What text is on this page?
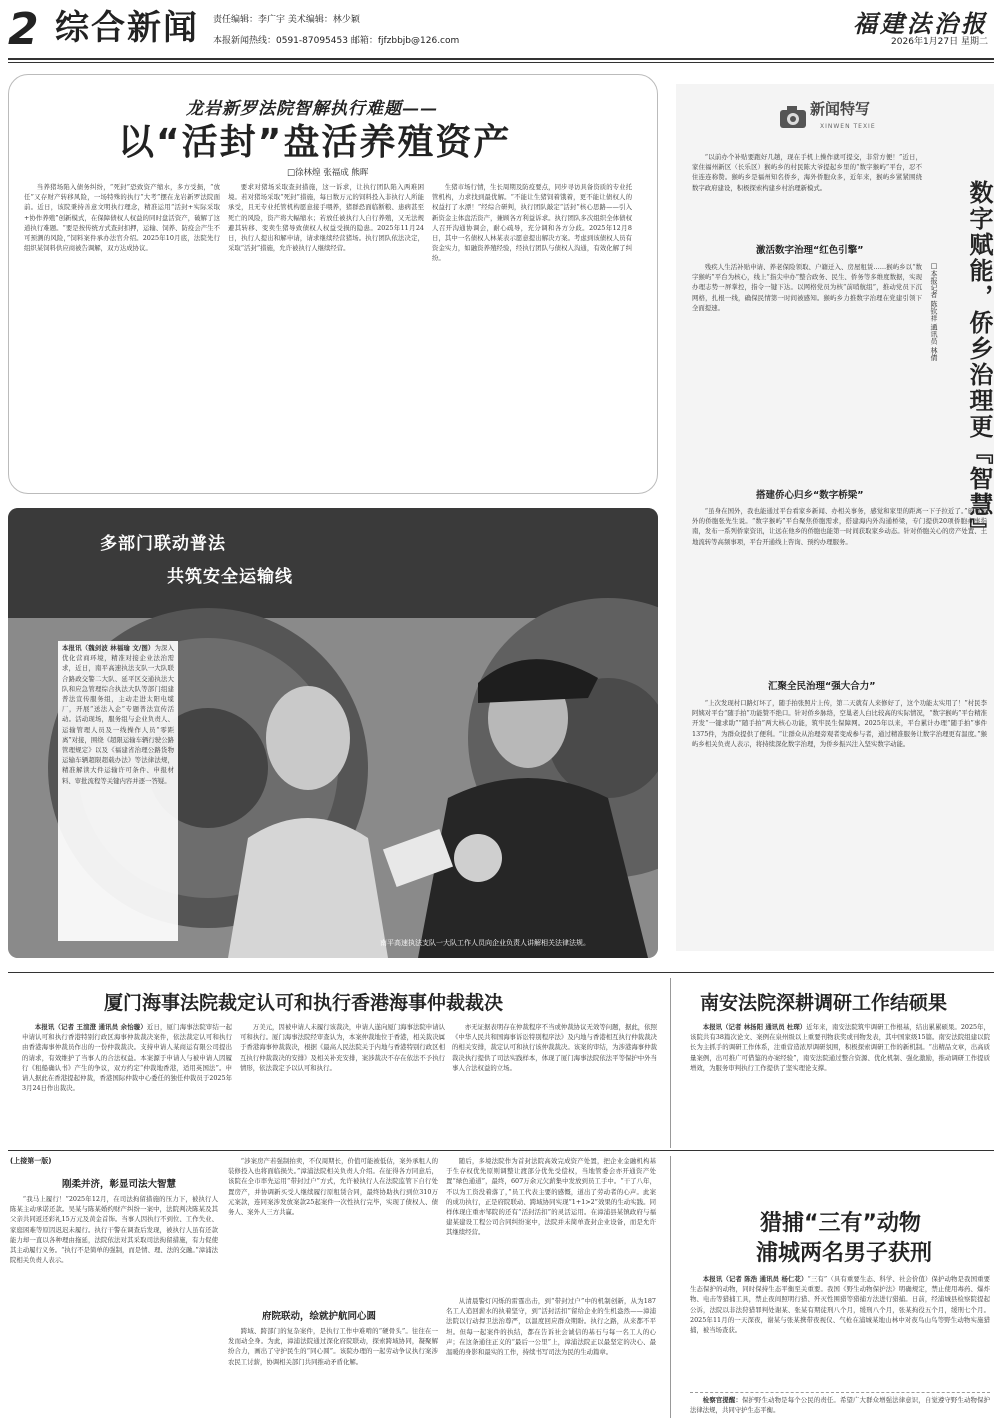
2 综合新闻 责任编辑：李广宇 美术编辑：林少颖
本报新闻热线：0591-87095453 邮箱：fjfzbbjb@126.com
福建法治报
2026年1月27日 星期二
龙岩新罗法院智解执行难题——
以“活封”盘活养殖资产
□徐林煌 张福成 熊晖

当养猪场陷入债务纠纷，“死封”恐致资产缩水，多方受损，“放任”又存财产转移风险，一场特殊的执行“大考”摆在龙岩新罗法院面前。近日，该院秉持善意文明执行理念，精准运用“活封+实际采取+协作养殖”创新模式，在保障债权人权益的同时盘活资产，破解了这道执行难题。“要是按传统方式查封扣押，运输、饲养、防疫会产生不可预测的风险，”饲料案件承办法官介绍。2025年10月底，法院先行组织某饲料供应商被告调解，双方达成协议。

要求对猪场采取查封措施，这一诉求，让执行团队陷入两难困境。若对猪场采取“死封”措施，每日数万元的饲料投入非执行人所能承受，且无专业托管机构愿意接手喂养，猪群恐面临断粮、患病甚至死亡的风险，资产将大幅缩水；若放任被执行人自行养殖，又无法规避其转移、变卖生猪导致债权人权益受损的隐患。2025年11月24日，执行人提出和解申请，请求继续经营猪场。执行团队依法决定，采取“活封”措施，允许被执行人继续经营。

生猪市场行情，生长周期及防疫要点，同步寻访具备资质的专业托管机构，力求找到最优解。“不能让生猪饲着饿着，更不能让债权人的权益打了水漂！”经综合研判，执行团队敲定“活封”核心思路——引入新资金主体盘活资产，兼顾各方利益诉求。执行团队多次组织全体债权人召开沟通协调会，耐心疏导，充分调和各方分歧。2025年12月8日，其中一名债权人林某表示愿意提出解决方案。考虑到该债权人员有资金实力，如融资养殖经验，经执行团队与债权人沟通，有效化解了纠纷。

多部门联动普法
共筑安全运输线
本报讯（魏剑波 林福瑜 文/图）为深入优化营商环境，精准对接企业法治需求，近日，南平高速执法支队一大队联合路政交警二大队、延平区交通执法大队和应急管理综合执法大队等部门组建普法宣传服务组，主动走进太阳电缆厂，开展“送法入企”专题普法宣传活动。活动现场，服务组与企业负责人、运输管理人员及一线操作人员“零距离”对接，围绕《超限运输车辆行驶公路管理规定》以及《福建省治理公路货物运输车辆超限超载办法》等法律法规，精准解读大件运输许可条件、申报材料、审批流程等关键内容并逐一答疑。
南平高速执法支队一大队工作人员向企业负责人讲解相关法律法规。
新闻特写
XINWEN TEXIE
数字赋能，侨乡治理更『智慧』
□本报记者 陈钦祥 通讯员 林倩

“以前办个补贴要跑好几趟，现在手机上操作就可提交，非常方便！”近日，家住福州新区（长乐区）猴屿乡的村民陈大爷提起乡里的“数字猴屿”平台，忍不住连连称赞。猴屿乡是福州知名侨乡，海外侨胞众多，近年来，猴屿乡紧紧围绕数字政府建设，积极探索构建乡村治理新模式。

激活数字治理“红色引擎”

残疾人生活补贴申请、养老保险领取、户籍迁入、房屋租赁……猴屿乡以“数字猴屿”平台为核心，线上“指尖申办”整合政务、民生、侨务等多维度数据，实现办理志势一屏掌控，指令一键下达。以网格党员为核“前哨航组”，推动党员下沉网格，扎根一线，确保民情第一时间被感知。猴屿乡力推数字治理在党建引领下全面提速。

搭建侨心归乡“数字桥梁”

“虽身在国外，我也能通过平台看家乡新闻、办相关事务，感觉和家里的距离一下子拉近了。”旅居南外的侨胞张先生说。“数字猴屿”平台聚焦侨胞需求，搭建海内外沟通桥梁，专门提供20项侨胞办事指南，发布一系列侨家资讯，让远在他乡的侨胞也能第一时间获取家乡动态。针对侨胞关心的房产处置、土地流转等高频事项，平台开通线上咨询、预约办理服务。

汇聚全民治理“强大合力”

“上次发现村口路灯坏了，随手拍张照片上传，第二天就有人来修好了，这个功能太实用了！”村民李阿姨对平台“随手拍”功能赞不绝口。针对侨乡脉络，空巢老人白比较高的实际情况，“数字猴屿”平台精准开发“一键求助”“随手拍”两大核心功能，筑牢民生保障网。2025年以来，平台累计办理“随手拍”事件1375件，为群众提供了便利。“让群众从治理旁观者变成参与者，通过精准服务让数字治理更有温度。”猴屿乡相关负责人表示，将持续深化数字治理，为侨乡振兴注入坚实数字动能。

厦门海事法院裁定认可和执行香港海事仲裁裁决

本报讯（记者 王渲澄 通讯员 余怡璇）近日，厦门海事法院审结一起申请认可和执行香港特别行政区海事仲裁裁决案件，依法裁定认可和执行由香港海事仲裁员作出的一份仲裁裁决。支持申请人某商运有限公司提出的请求，有效维护了当事人的合法权益。本案源于申请人与被申请人因履行《租船确认书》产生的争议，双方约定“仲裁地香港，适用英国法”。申请人据此在香港提起仲裁，香港国际仲裁中心委任的独任仲裁员于2025年3月24日作出裁决。

万美元，因被申请人未履行该裁决，申请人遂向厦门海事法院申请认可和执行。厦门海事法院经审查认为，本案仲裁地位于香港，相关裁决属于香港海事仲裁裁决，根据《最高人民法院关于内地与香港特别行政区相互执行仲裁裁决的安排》及相关补充安排，案涉裁决不存在依法不予执行情形，依法裁定予以认可和执行。

亦无证据表明存在仲裁程序不当或仲裁协议无效等问题，据此，依照《中华人民共和国海事诉讼特别程序法》及内地与香港相互执行仲裁裁决的相关安排，裁定认可和执行该仲裁裁决。该案的审结，为涉港海事仲裁裁决执行提供了司法实践样本，体现了厦门海事法院依法平等保护中外当事人合法权益的立场。

南安法院深耕调研工作结硕果

本报讯（记者 林扬阳 通讯员 杜琛）近年来，南安法院筑牢调研工作根基，结出累累硕果。2025年，该院共有38篇次论文、案例在泉州级以上重要刊物获奖或刊物发表，其中国家级15篇。南安法院组建以院长为主抓手的调研工作体系，注重营造浓厚调研氛围，积极探索调研工作的新机制。“出精品文章，出高质量案例，出可推广可借鉴的办案经验”，南安法院通过整合资源、优化机制、强化激励，推动调研工作提质增效，为服务审判执行工作提供了坚实理论支撑。

(上接第一版)
刚柔并济，彰显司法大智慧

“我马上履行！”2025年12月，在司法拘留措施的压力下，被执行人陈某主动承诺还款。吴某与陈某婚约财产纠纷一案中，法院判决陈某及其父亲共同返还彩礼15万元及黄金首饰。当事人因执行不到位、工作失业、家庭困难等原因迟迟未履行。执行干警在调查后发现，被执行人虽有还款能力却一直以各种理由拖延，法院依法对其采取司法拘留措施，有力促使其主动履行义务。“执行不是简单的强制，而是情、理、法的交融。”漳浦法院相关负责人表示。

“涉案房产若强制拍卖，不仅周期长，价值可能被低估，案外承租人的装修投入也将面临损失。”漳浦法院相关负责人介绍。在征得各方同意后，该院在全市率先运用“带封过户”方式，允许被执行人在法院监管下自行处置房产，并协调新买受人继续履行原租赁合同，最终协助执行到位310万元案款，连同案涉发放案款25起案件一次性执行完毕，实现了债权人、债务人、案外人三方共赢。

府院联动，绘就护航同心圆

跨域、跨部门的复杂案件，是执行工作中难啃的“硬骨头”。往往在一发而动全身。为此，漳浦法院通过深化府院联动，探索跨域协同，凝聚解纷合力，画出了守护民生的“同心圆”。该院办理的一起劳动争议执行案涉农民工讨薪，协调相关部门共同推动矛盾化解。

随后，多境法院作为首封法院高效完成资产处置，把企业金融机构基于生存权优先原则调整让渡部分优先受偿权，当地管委会亦开通资产处置“绿色通道”，最终，607万余元欠薪集中发放到员工手中。“干了八年，不以为工资没着落了，”员工代表主要的感慨，道出了劳动者的心声。此案的成功执行，正是府院联动、跨域协同实现“1+1>2”效果的生动实践。同样体现庄重亦邹院的还有“活封活扣”的灵活运用。在漳浦县某镇政府与福建某建设工程公司合同纠纷案中，法院并未简单查封企业设备，而是允许其继续经营。

从清晨警灯闪烁的雷霆出击，到“带封过户”中的机制创新，从为187名工人追回薪水的执着坚守，到“活封活扣”留给企业的生机盎然——漳浦法院以行动捍卫法治尊严，以温度回应群众期盼。执行之路，从来都不平坦。但每一起案件的执结，都在告诉社会诚信的基石与每一名工人的心声；在这条通往正义的“最后一公里”上，漳浦法院正以最坚定的决心、最温暖的身影和最实的工作，持续书写司法为民的生动篇章。

猎捕“三有”动物
浦城两名男子获刑

本报讯（记者 陈浩 通讯员 杨仁花）“三有”（具有重要生态、科学、社会价值）保护动物是我国重要生态保护的动物，同时保持生态平衡至关重要。我国《野生动物保护法》明确规定，禁止使用毒药、爆炸物、电击等猎捕工具，禁止夜间照明行猎、歼灭性围猎等猎捕方法进行猎捕。日前，经浦城县检察院提起公诉，法院以非法狩猎罪判处谢某、张某有期徒刑八个月，缓刑八个月，张某拘役五个月，缓刑七个月。2025年11月的一天深夜，谢某与张某携带夜视仪、气枪在浦城某地山林中对夜鸟山鸟等野生动物实施猎捕，被当场查获。

检察官提醒：保护野生动物是每个公民的责任。希望广大群众增强法律意识，自觉遵守野生动物保护法律法规，共同守护生态平衡。
